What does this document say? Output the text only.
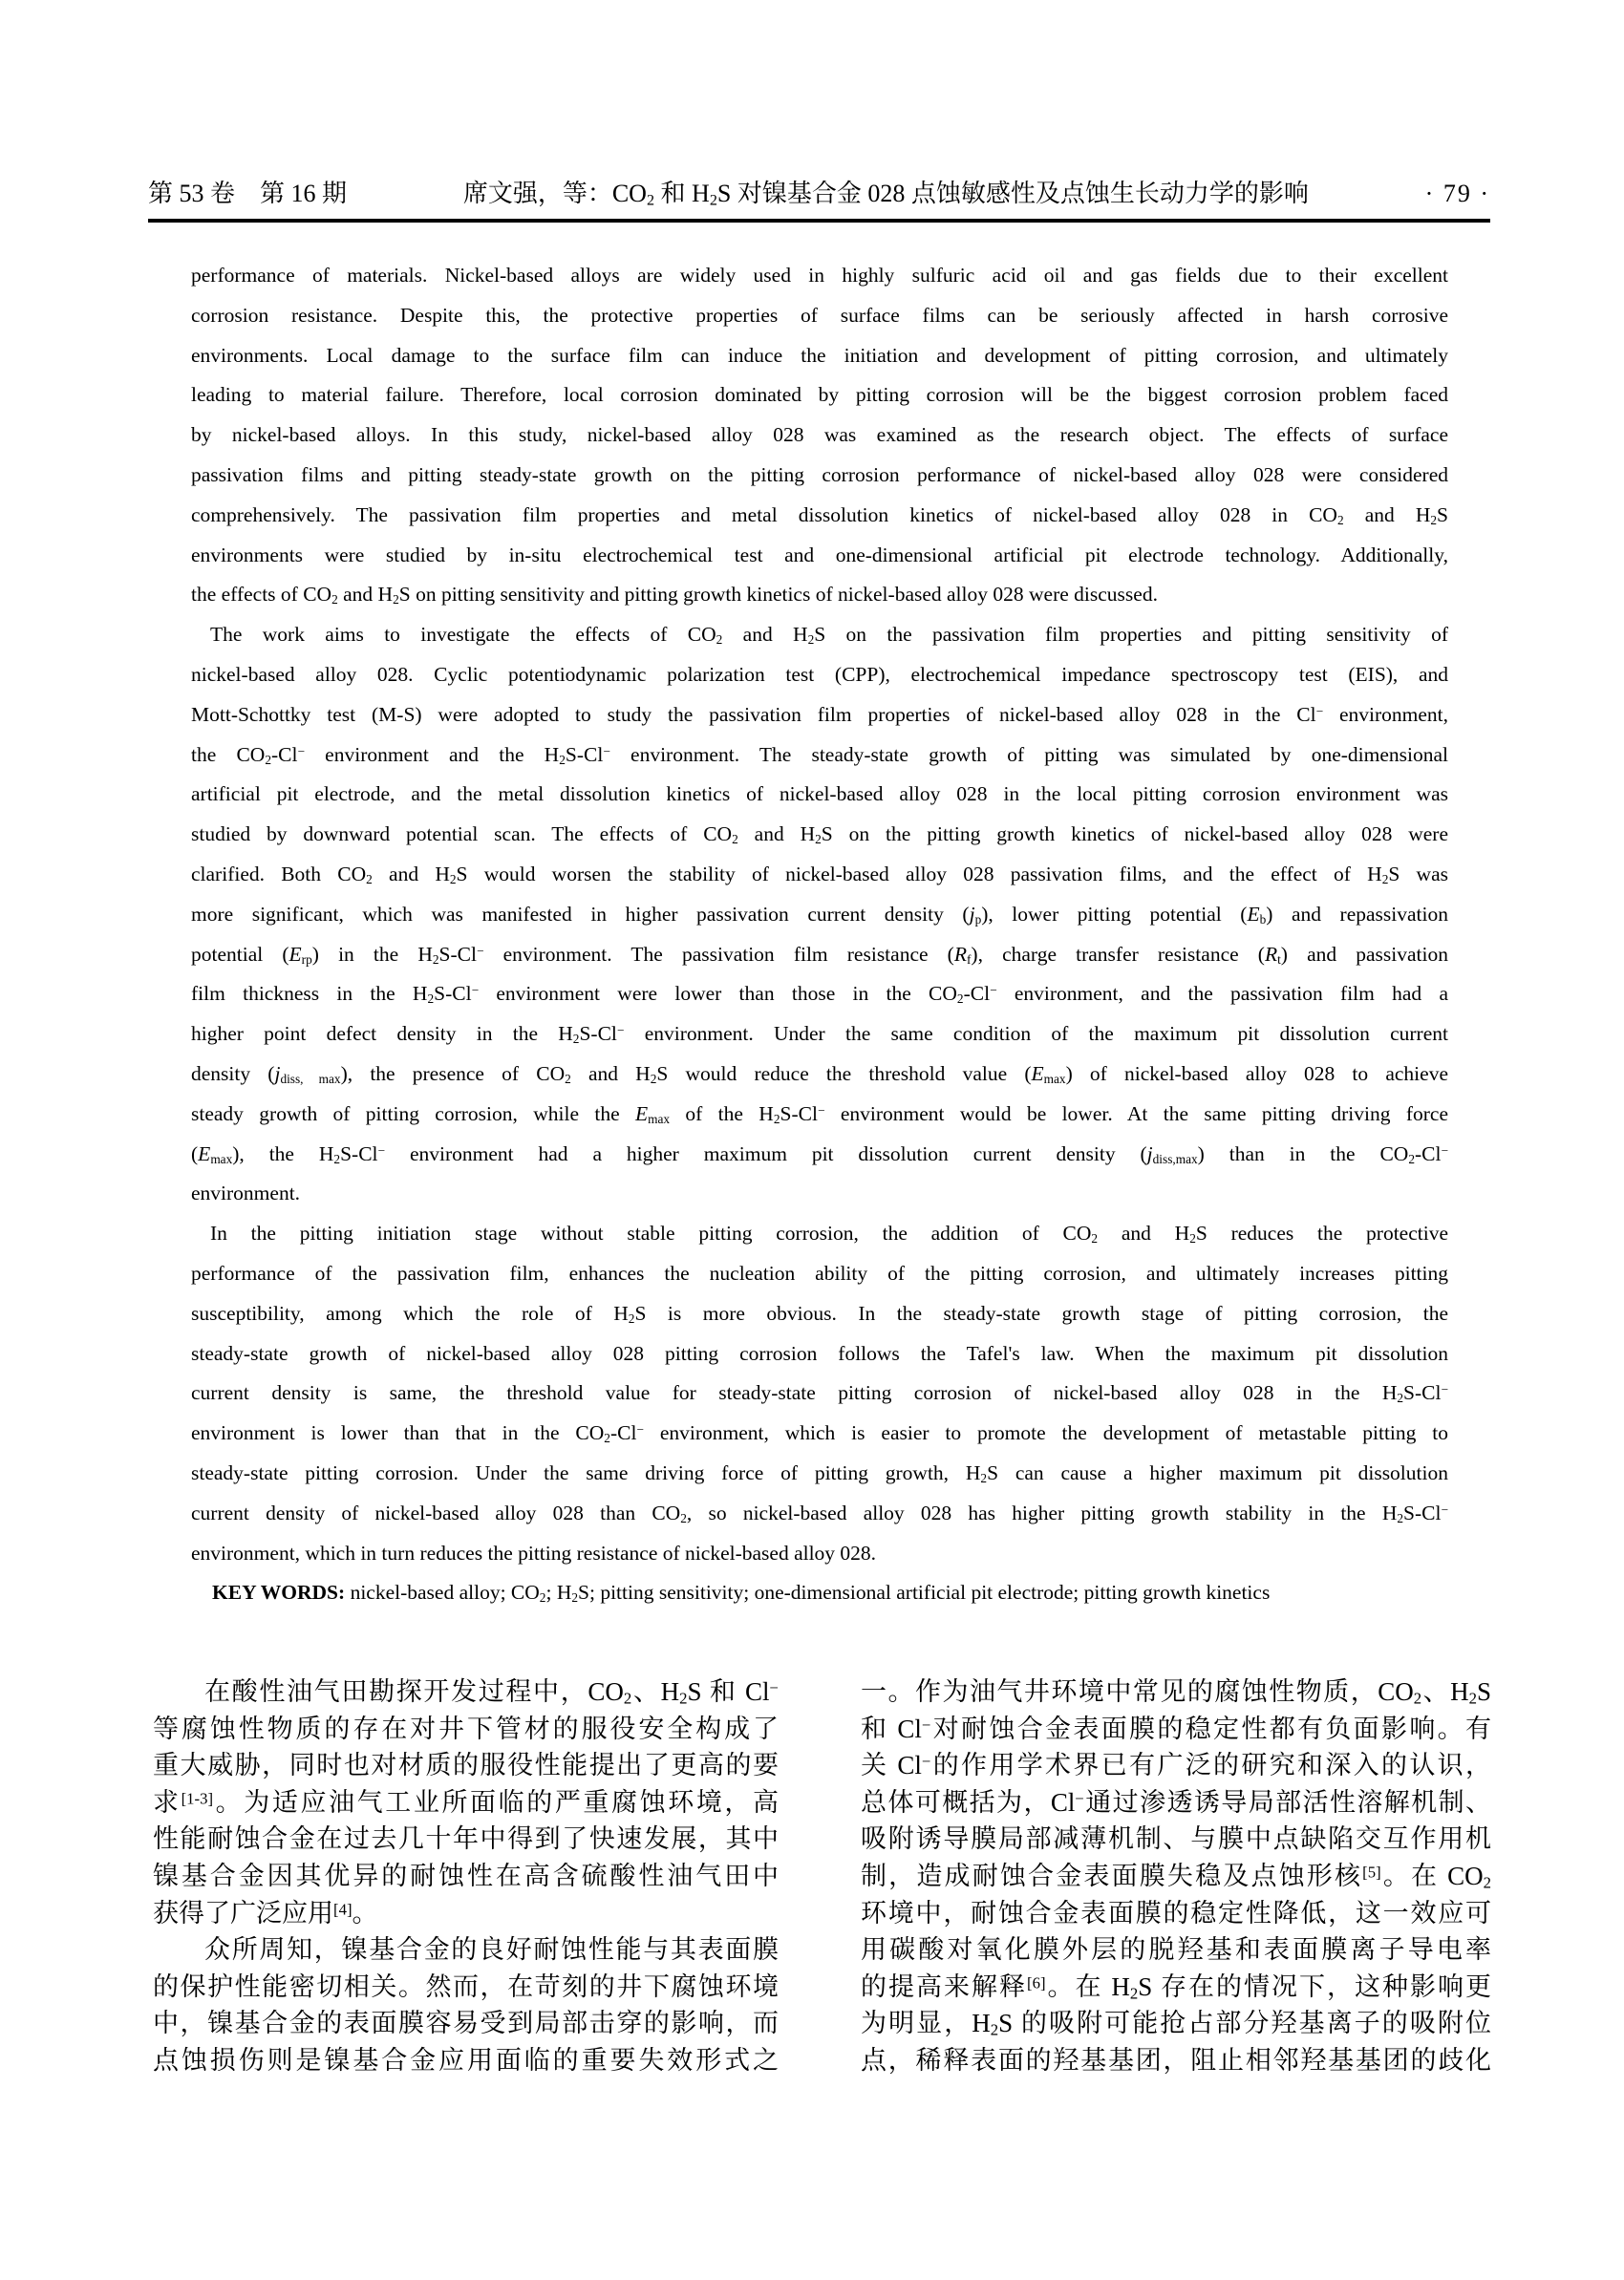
第 53 卷　第 16 期	席文强，等：$CO_2$ 和 $H_2S$ 对镍基合金 028 点蚀敏感性及点蚀生长动力学的影响	· 79 ·
performance of materials. Nickel-based alloys are widely used in highly sulfuric acid oil and gas fields due to their excellent
corrosion resistance. Despite this, the protective properties of surface films can be seriously affected in harsh corrosive
environments. Local damage to the surface film can induce the initiation and development of pitting corrosion, and ultimately
leading to material failure. Therefore, local corrosion dominated by pitting corrosion will be the biggest corrosion problem faced
by nickel-based alloys. In this study, nickel-based alloy 028 was examined as the research object. The effects of surface
passivation films and pitting steady-state growth on the pitting corrosion performance of nickel-based alloy 028 were considered
comprehensively. The passivation film properties and metal dissolution kinetics of nickel-based alloy 028 in $CO_2$ and $H_2S$
environments were studied by in-situ electrochemical test and one-dimensional artificial pit electrode technology. Additionally,
the effects of $CO_2$ and $H_2S$ on pitting sensitivity and pitting growth kinetics of nickel-based alloy 028 were discussed.
The work aims to investigate the effects of $CO_2$ and $H_2S$ on the passivation film properties and pitting sensitivity of
nickel-based alloy 028. Cyclic potentiodynamic polarization test (CPP), electrochemical impedance spectroscopy test (EIS), and
Mott-Schottky test (M-S) were adopted to study the passivation film properties of nickel-based alloy 028 in the Cl− environment,
the $CO_2-Cl^-$ environment and the $H_2S-Cl^-$ environment. The steady-state growth of pitting was simulated by one-dimensional
artificial pit electrode, and the metal dissolution kinetics of nickel-based alloy 028 in the local pitting corrosion environment was
studied by downward potential scan. The effects of $CO_2$ and $H_2S$ on the pitting growth kinetics of nickel-based alloy 028 were
clarified. Both $CO_2$ and $H_2S$ would worsen the stability of nickel-based alloy 028 passivation films, and the effect of $H_2S$ was
more significant, which was manifested in higher passivation current density $(j_p)$, lower pitting potential $(E_b)$ and repassivation
potential $(E_{rp})$ in the $H_2S-Cl^-$ environment. The passivation film resistance $(R_f)$, charge transfer resistance $(R_t)$ and passivation
film thickness in the $H_2S-Cl^-$ environment were lower than those in the $CO_2-Cl^-$ environment, and the passivation film had a
higher point defect density in the $H_2S-Cl^-$ environment. Under the same condition of the maximum pit dissolution current
density $(j_{diss, max})$, the presence of $CO_2$ and $H_2S$ would reduce the threshold value $(E_{max})$ of nickel-based alloy 028 to achieve
steady growth of pitting corrosion, while the $E_{max}$ of the $H_2S-Cl^-$ environment would be lower. At the same pitting driving force
$(E_{max})$, the $H_2S-Cl^-$ environment had a higher maximum pit dissolution current density $(j_{diss,max})$ than in the $CO_2-Cl^-$
environment.
In the pitting initiation stage without stable pitting corrosion, the addition of $CO_2$ and $H_2S$ reduces the protective
performance of the passivation film, enhances the nucleation ability of the pitting corrosion, and ultimately increases pitting
susceptibility, among which the role of $H_2S$ is more obvious. In the steady-state growth stage of pitting corrosion, the
steady-state growth of nickel-based alloy 028 pitting corrosion follows the Tafel's law. When the maximum pit dissolution
current density is same, the threshold value for steady-state pitting corrosion of nickel-based alloy 028 in the $H_2S-Cl^-$
environment is lower than that in the $CO_2-Cl^-$ environment, which is easier to promote the development of metastable pitting to
steady-state pitting corrosion. Under the same driving force of pitting growth, $H_2S$ can cause a higher maximum pit dissolution
current density of nickel-based alloy 028 than $CO_2$, so nickel-based alloy 028 has higher pitting growth stability in the $H_2S-Cl^-$
environment, which in turn reduces the pitting resistance of nickel-based alloy 028.
KEY WORDS: nickel-based alloy; $CO_2$; $H_2S$; pitting sensitivity; one-dimensional artificial pit electrode; pitting growth kinetics
在酸性油气田勘探开发过程中，$CO_2$、$H_2S$ 和 Cl−
等腐蚀性物质的存在对井下管材的服役安全构成了
重大威胁，同时也对材质的服役性能提出了更高的要
求[1-3]。为适应油气工业所面临的严重腐蚀环境，高
性能耐蚀合金在过去几十年中得到了快速发展，其中
镍基合金因其优异的耐蚀性在高含硫酸性油气田中
获得了广泛应用[4]。
众所周知，镍基合金的良好耐蚀性能与其表面膜
的保护性能密切相关。然而，在苛刻的井下腐蚀环境
中，镍基合金的表面膜容易受到局部击穿的影响，而
点蚀损伤则是镍基合金应用面临的重要失效形式之
一。作为油气井环境中常见的腐蚀性物质，$CO_2$、$H_2S$
和 Cl−对耐蚀合金表面膜的稳定性都有负面影响。有
关 Cl−的作用学术界已有广泛的研究和深入的认识，
总体可概括为，Cl−通过渗透诱导局部活性溶解机制、
吸附诱导膜局部减薄机制、与膜中点缺陷交互作用机
制，造成耐蚀合金表面膜失稳及点蚀形核[5]。在 $CO_2$
环境中，耐蚀合金表面膜的稳定性降低，这一效应可
用碳酸对氧化膜外层的脱羟基和表面膜离子导电率
的提高来解释[6]。在 $H_2S$ 存在的情况下，这种影响更
为明显，$H_2S$ 的吸附可能抢占部分羟基离子的吸附位
点，稀释表面的羟基基团，阻止相邻羟基基团的歧化
